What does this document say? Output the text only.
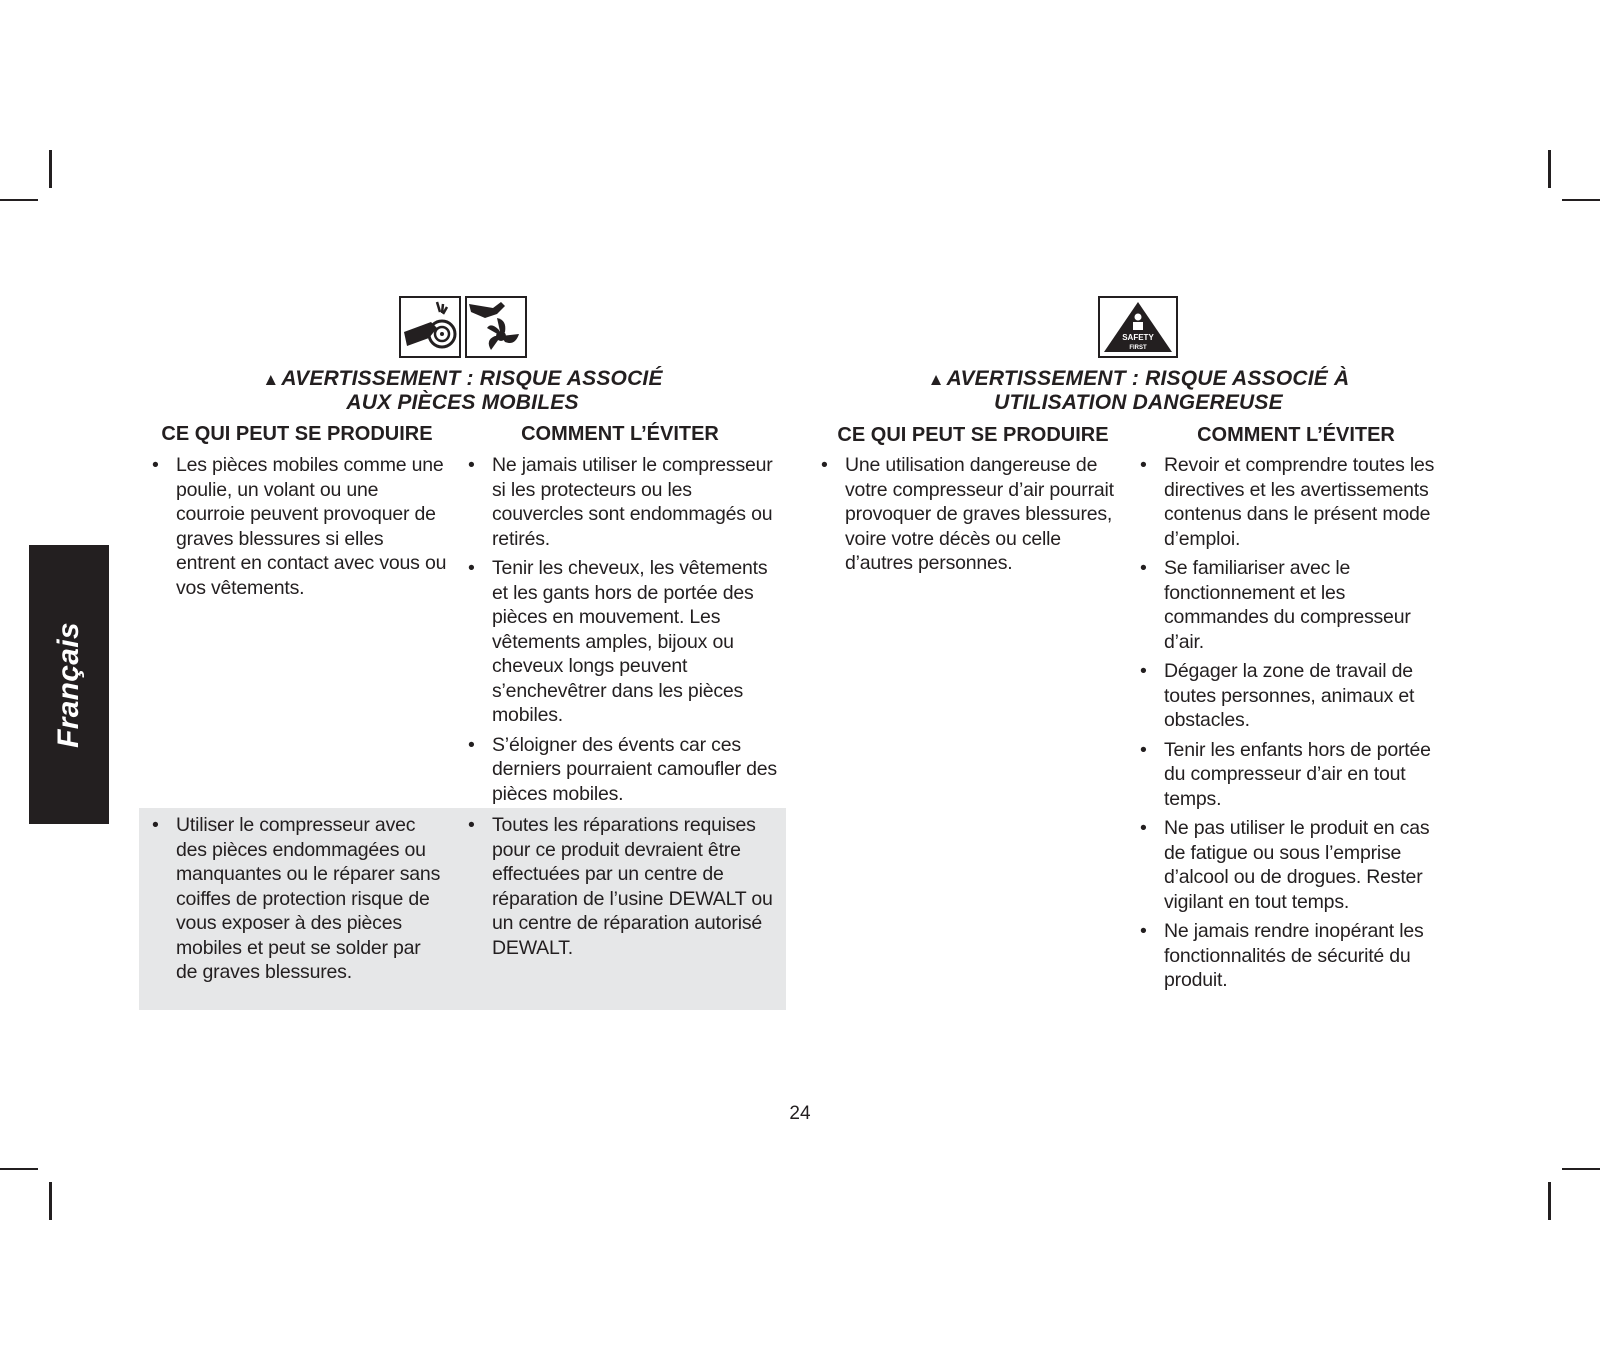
Français
▲AVERTISSEMENT : RISQUE ASSOCIÉ
AUX PIÈCES MOBILES
CE QUI PEUT SE PRODUIRE	COMMENT L’ÉVITER
• Les pièces mobiles comme une poulie, un volant ou une courroie peuvent provoquer de graves blessures si elles entrent en contact avec vous ou vos vêtements.
• Ne jamais utiliser le compresseur si les protecteurs ou les couvercles sont endommagés ou retirés.
• Tenir les cheveux, les vêtements et les gants hors de portée des pièces en mouvement. Les vêtements amples, bijoux ou cheveux longs peuvent s’enchevêtrer dans les pièces mobiles.
• S’éloigner des évents car ces derniers pourraient camoufler des pièces mobiles.
• Utiliser le compresseur avec des pièces endommagées ou manquantes ou le réparer sans coiffes de protection risque de vous exposer à des pièces mobiles et peut se solder par de graves blessures.
• Toutes les réparations requises pour ce produit devraient être effectuées par un centre de réparation de l’usine DEWALT ou un centre de réparation autorisé DEWALT.
SAFETY
FIRST
▲AVERTISSEMENT : RISQUE ASSOCIÉ À
UTILISATION DANGEREUSE
CE QUI PEUT SE PRODUIRE	COMMENT L’ÉVITER
• Une utilisation dangereuse de votre compresseur d’air pourrait provoquer de graves blessures, voire votre décès ou celle d’autres personnes.
• Revoir et comprendre toutes les directives et les avertissements contenus dans le présent mode d’emploi.
• Se familiariser avec le fonctionnement et les commandes du compresseur d’air.
• Dégager la zone de travail de toutes personnes, animaux et obstacles.
• Tenir les enfants hors de portée du compresseur d’air en tout temps.
• Ne pas utiliser le produit en cas de fatigue ou sous l’emprise d’alcool ou de drogues. Rester vigilant en tout temps.
• Ne jamais rendre inopérant les fonctionnalités de sécurité du produit.
24
